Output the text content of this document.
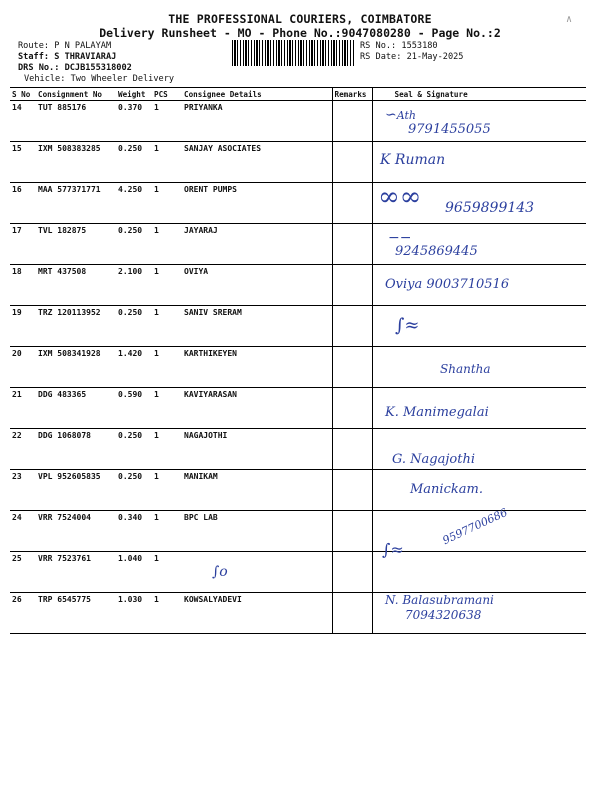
∧
THE PROFESSIONAL COURIERS, COIMBATORE
Delivery Runsheet - MO - Phone No.:9047080280 - Page No.:2
Route: P N PALAYAM
Staff: S THRAVIARAJ
DRS No.: DCJB155318002
Vehicle: Two Wheeler Delivery
RS No.: 1553180
RS Date: 21-May-2025
S No	Consignment No	Weight	PCS	Consignee Details	Remarks	Seal & Signature
14	TUT 885176	0.370	1	PRIYANKA		
15	IXM 508383285	0.250	1	SANJAY ASOCIATES		
16	MAA 577371771	4.250	1	ORENT PUMPS		
17	TVL 182875	0.250	1	JAYARAJ		
18	MRT 437508	2.100	1	OVIYA		
19	TRZ 120113952	0.250	1	SANIV SRERAM		
20	IXM 508341928	1.420	1	KARTHIKEYEN		
21	DDG 483365	0.590	1	KAVIYARASAN		
22	DDG 1068078	0.250	1	NAGAJOTHI		
23	VPL 952605835	0.250	1	MANIKAM		
24	VRR 7524004	0.340	1	BPC LAB		
25	VRR 7523761	1.040	1			
26	TRP 6545775	1.030	1	KOWSALYADEVI		
∽Ath
9791455055
K Ruman
∞∞ 9659899143
−−
9245869445
Oviya 9003710516
∫≈
Shantha
K. Manimegalai
G. Nagajothi
Manickam.
∫≈
9597700686
∫o
N. Balasubramani
7094320638
